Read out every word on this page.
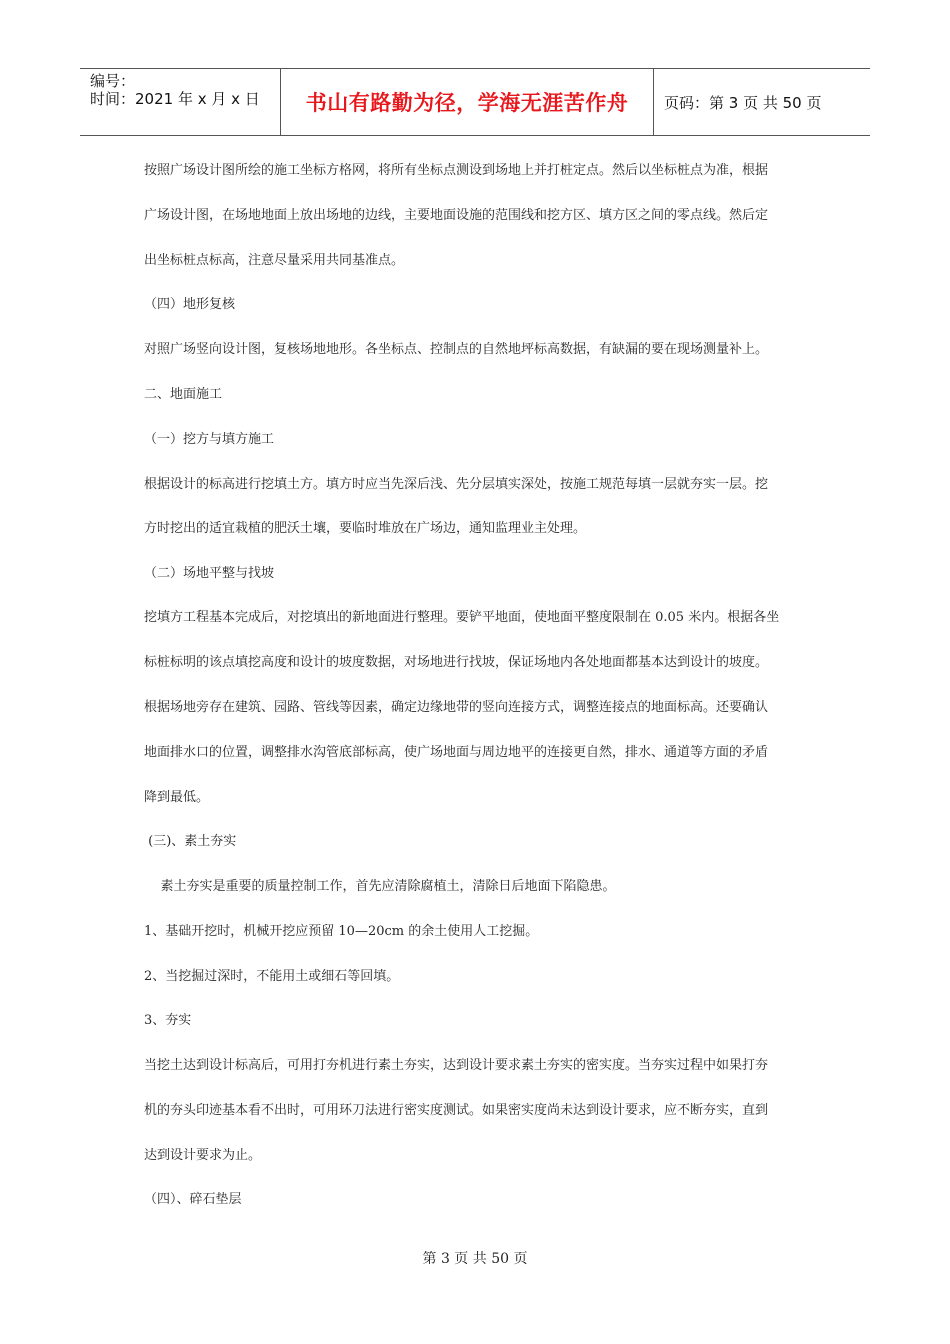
编号：
时间：2021 年 x 月 x 日	书山有路勤为径，学海无涯苦作舟	页码：第 3 页 共 50 页
按照广场设计图所绘的施工坐标方格网，将所有坐标点测设到场地上并打桩定点。然后以坐标桩点为准，根据
广场设计图，在场地地面上放出场地的边线，主要地面设施的范围线和挖方区、填方区之间的零点线。然后定
出坐标桩点标高，注意尽量采用共同基准点。
（四）地形复核
对照广场竖向设计图，复核场地地形。各坐标点、控制点的自然地坪标高数据，有缺漏的要在现场测量补上。
二、地面施工
（一）挖方与填方施工
根据设计的标高进行挖填土方。填方时应当先深后浅、先分层填实深处，按施工规范每填一层就夯实一层。挖
方时挖出的适宜栽植的肥沃土壤，要临时堆放在广场边，通知监理业主处理。
（二）场地平整与找坡
挖填方工程基本完成后，对挖填出的新地面进行整理。要铲平地面，使地面平整度限制在 0.05 米内。根据各坐
标桩标明的该点填挖高度和设计的坡度数据，对场地进行找坡，保证场地内各处地面都基本达到设计的坡度。
根据场地旁存在建筑、园路、管线等因素，确定边缘地带的竖向连接方式，调整连接点的地面标高。还要确认
地面排水口的位置，调整排水沟管底部标高，使广场地面与周边地平的连接更自然，排水、通道等方面的矛盾
降到最低。
(三)、素土夯实
素土夯实是重要的质量控制工作，首先应清除腐植土，清除日后地面下陷隐患。
1、基础开挖时，机械开挖应预留 10—20cm 的余土使用人工挖掘。
2、当挖掘过深时，不能用土或细石等回填。
3、夯实
当挖土达到设计标高后，可用打夯机进行素土夯实，达到设计要求素土夯实的密实度。当夯实过程中如果打夯
机的夯头印迹基本看不出时，可用环刀法进行密实度测试。如果密实度尚未达到设计要求，应不断夯实，直到
达到设计要求为止。
（四）、碎石垫层
第 3 页 共 50 页
